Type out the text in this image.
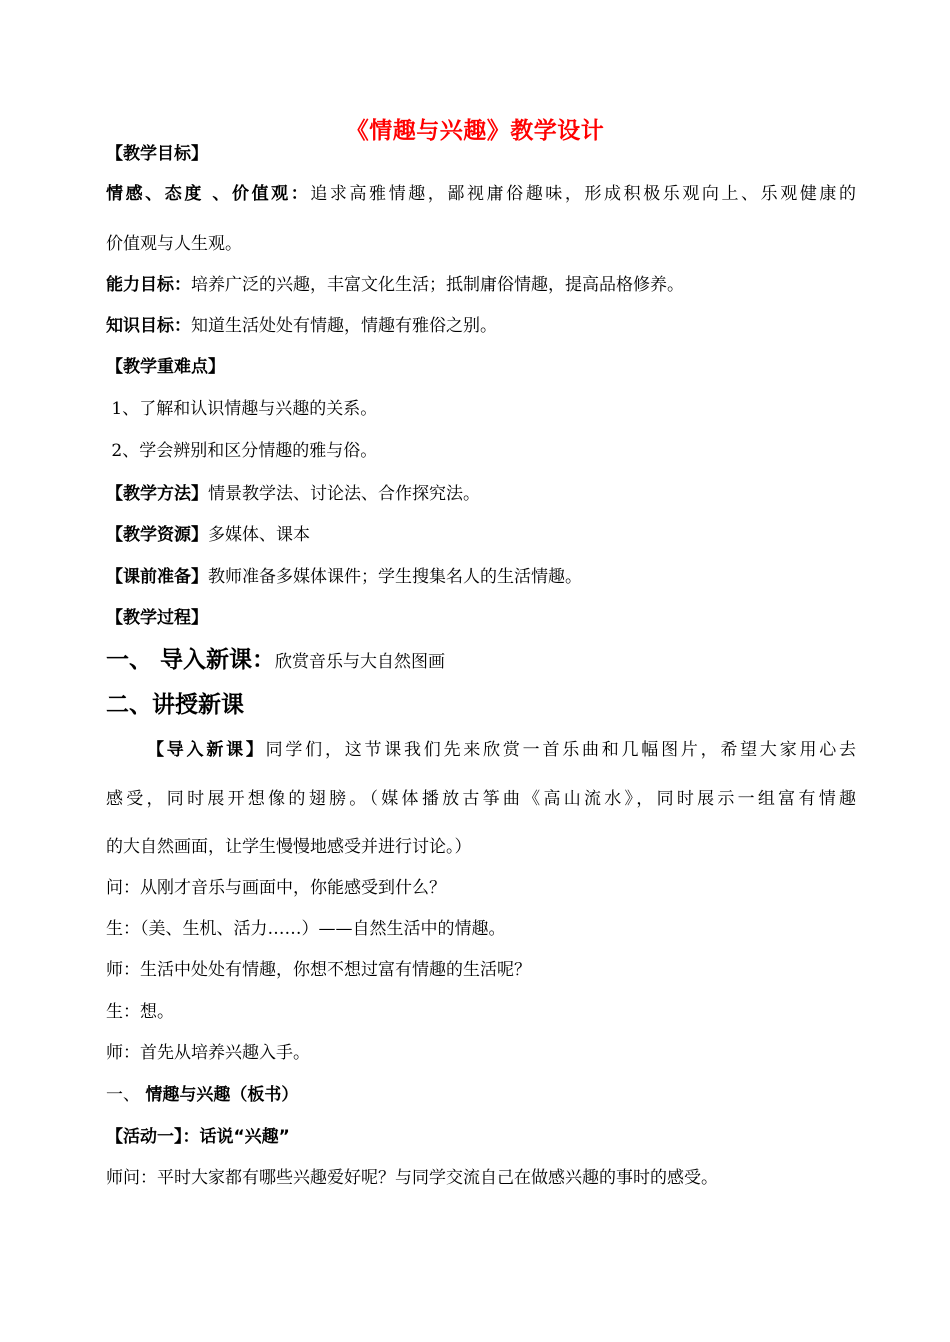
《情趣与兴趣》教学设计
【教学目标】
情感、态度 、价值观：追求高雅情趣，鄙视庸俗趣味，形成积极乐观向上、乐观健康的
价值观与人生观。
能力目标：培养广泛的兴趣，丰富文化生活；抵制庸俗情趣，提高品格修养。
知识目标：知道生活处处有情趣，情趣有雅俗之别。
【教学重难点】
1、了解和认识情趣与兴趣的关系。
2、学会辨别和区分情趣的雅与俗。
【教学方法】情景教学法、讨论法、合作探究法。
【教学资源】多媒体、课本
【课前准备】教师准备多媒体课件；学生搜集名人的生活情趣。
【教学过程】
一、 导入新课：欣赏音乐与大自然图画
二、讲授新课
【导入新课】同学们，这节课我们先来欣赏一首乐曲和几幅图片，希望大家用心去
感受，同时展开想像的翅膀。（媒体播放古筝曲《高山流水》，同时展示一组富有情趣
的大自然画面，让学生慢慢地感受并进行讨论。）
问：从刚才音乐与画面中，你能感受到什么？
生：（美、生机、活力……）——自然生活中的情趣。
师：生活中处处有情趣，你想不想过富有情趣的生活呢？
生：想。
师：首先从培养兴趣入手。
一、 情趣与兴趣（板书）
【活动一】：话说“兴趣”
师问：平时大家都有哪些兴趣爱好呢？与同学交流自己在做感兴趣的事时的感受。
